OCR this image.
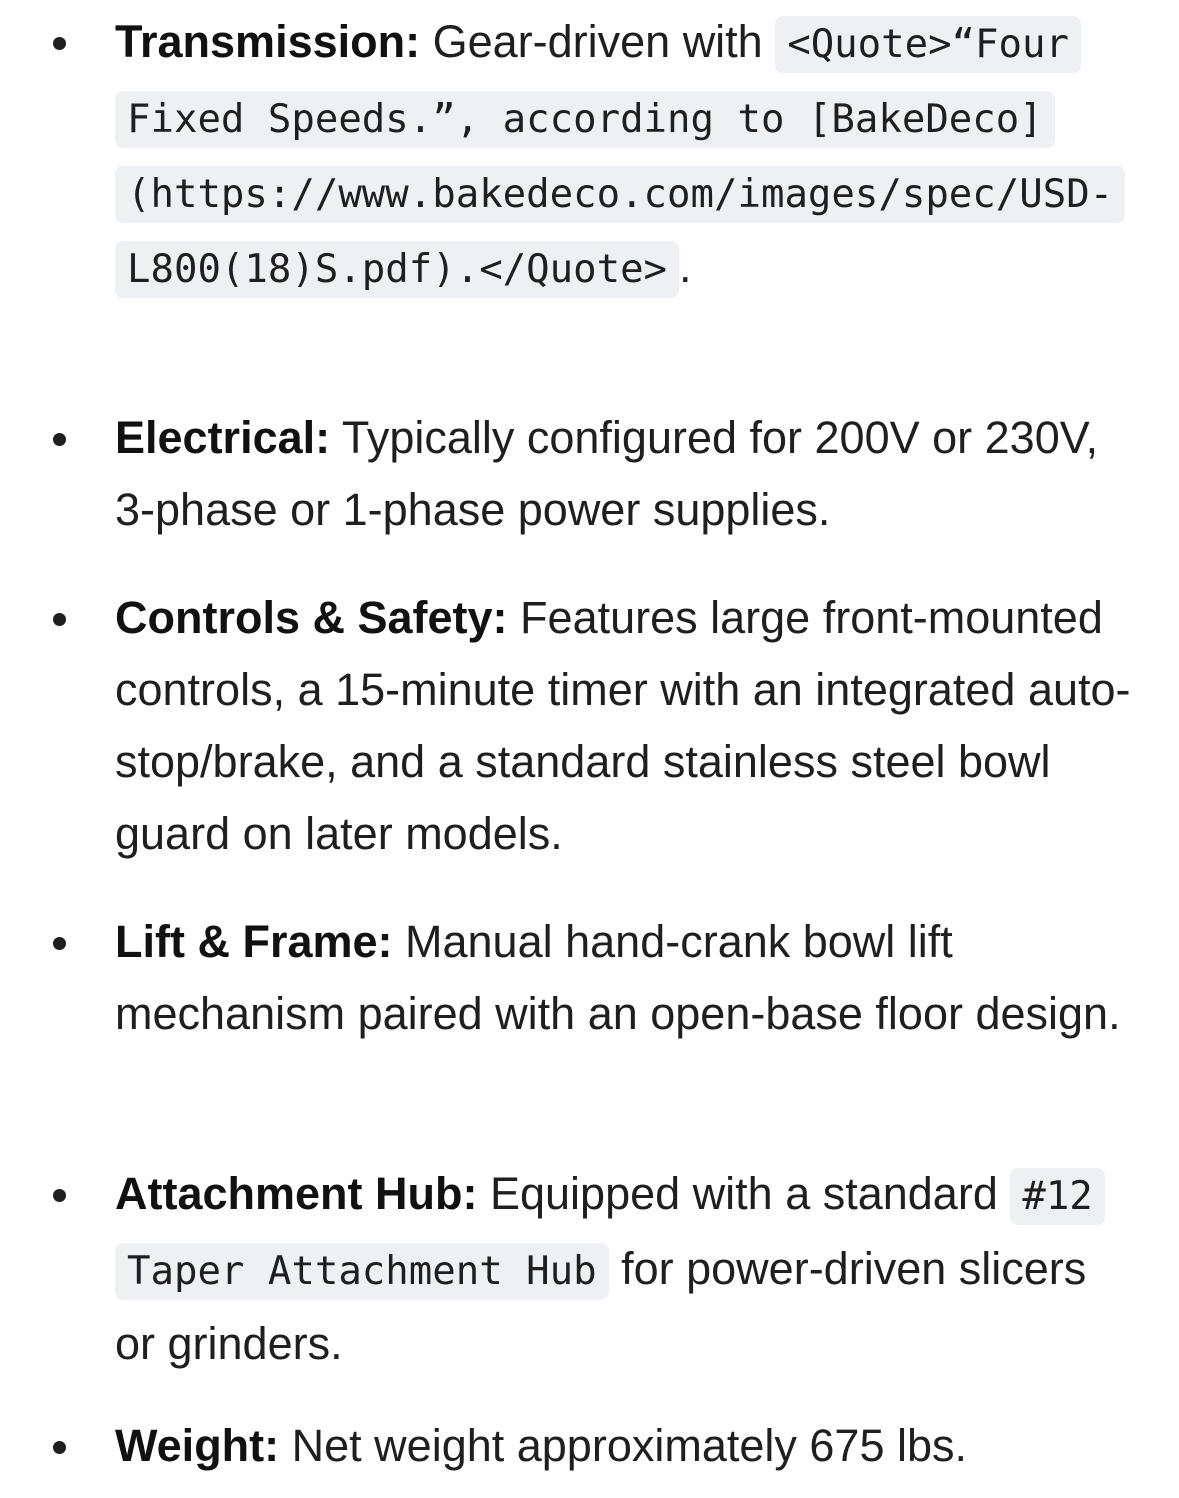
Transmission: Gear-driven with <Quote>“Four Fixed Speeds.”, according to [BakeDeco] (https://www.bakedeco.com/images/spec/USD-L800(18)S.pdf).</Quote> .
Electrical: Typically configured for 200V or 230V, 3-phase or 1-phase power supplies.
Controls & Safety: Features large front-mounted controls, a 15-minute timer with an integrated auto-stop/brake, and a standard stainless steel bowl guard on later models.
Lift & Frame: Manual hand-crank bowl lift mechanism paired with an open-base floor design.
Attachment Hub: Equipped with a standard #12 Taper Attachment Hub for power-driven slicers or grinders.
Weight: Net weight approximately 675 lbs.
